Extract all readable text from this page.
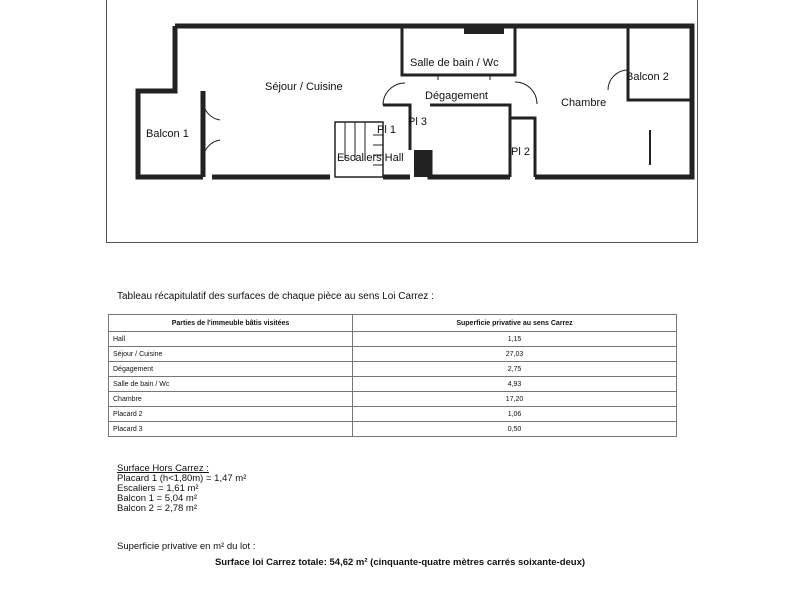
Séjour / Cuisine
Salle de bain / Wc
Dégagement
Balcon 1
Balcon 2
Chambre
Pl 1
Pl 2
Pl 3
Escaliers Hall
Tableau récapitulatif des surfaces de chaque pièce au sens Loi Carrez :
Parties de l'immeuble bâtis visitées	Superficie privative au sens Carrez
Hall	1,15
Séjour / Cuisine	27,03
Dégagement	2,75
Salle de bain / Wc	4,93
Chambre	17,20
Placard 2	1,06
Placard 3	0,50
Surface Hors Carrez :
Placard 1 (h<1,80m) = 1,47 m²
Escaliers = 1,61 m²
Balcon 1 = 5,04 m²
Balcon 2 = 2,78 m²
Superficie privative en m² du lot :
Surface loi Carrez totale: 54,62 m² (cinquante-quatre mètres carrés soixante-deux)
